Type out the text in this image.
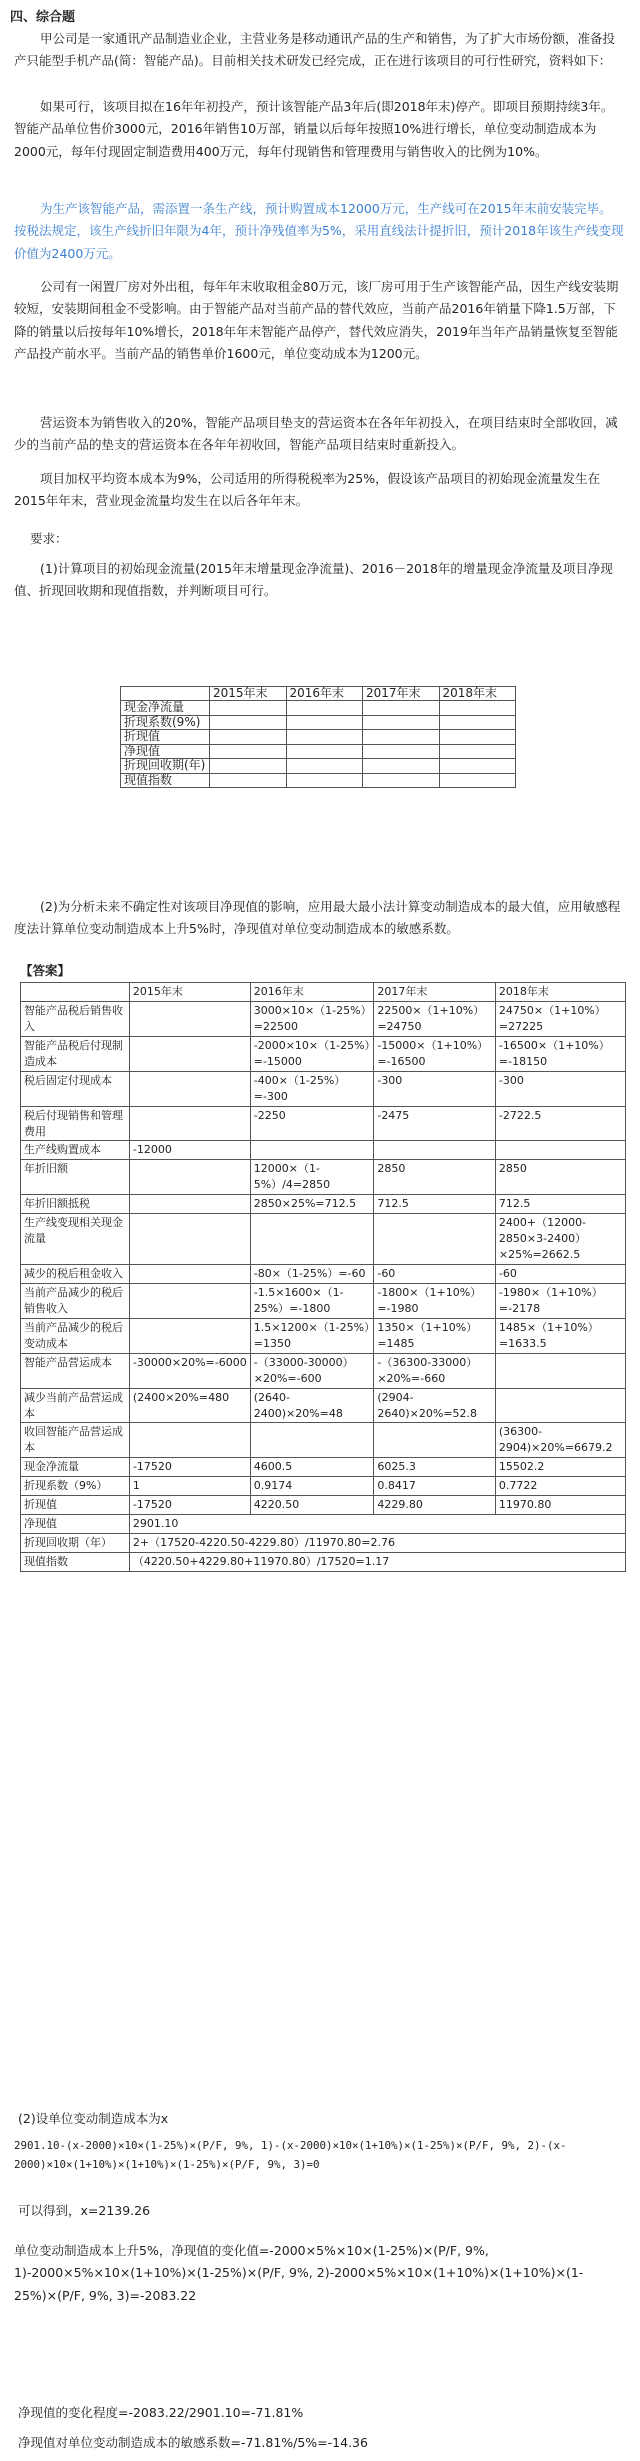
四、综合题
甲公司是一家通讯产品制造业企业，主营业务是移动通讯产品的生产和销售，为了扩大市场份额，准备投产只能型手机产品(简：智能产品)。目前相关技术研发已经完成，正在进行该项目的可行性研究，资料如下：
如果可行，该项目拟在16年年初投产，预计该智能产品3年后(即2018年末)停产。即项目预期持续3年。智能产品单位售价3000元，2016年销售10万部，销量以后每年按照10%进行增长，单位变动制造成本为2000元，每年付现固定制造费用400万元，每年付现销售和管理费用与销售收入的比例为10%。
为生产该智能产品，需添置一条生产线，预计购置成本12000万元，生产线可在2015年末前安装完毕。按税法规定，该生产线折旧年限为4年，预计净残值率为5%，采用直线法计提折旧，预计2018年该生产线变现价值为2400万元。
公司有一闲置厂房对外出租，每年年末收取租金80万元，该厂房可用于生产该智能产品，因生产线安装期较短，安装期间租金不受影响。由于智能产品对当前产品的替代效应，当前产品2016年销量下降1.5万部，下降的销量以后按每年10%增长，2018年年末智能产品停产，替代效应消失，2019年当年产品销量恢复至智能产品投产前水平。当前产品的销售单价1600元，单位变动成本为1200元。
营运资本为销售收入的20%，智能产品项目垫支的营运资本在各年年初投入，在项目结束时全部收回，减少的当前产品的垫支的营运资本在各年年初收回，智能产品项目结束时重新投入。
项目加权平均资本成本为9%，公司适用的所得税税率为25%，假设该产品项目的初始现金流量发生在2015年年末，营业现金流量均发生在以后各年年末。
要求：
(1)计算项目的初始现金流量(2015年末增量现金净流量)、2016－2018年的增量现金净流量及项目净现值、折现回收期和现值指数，并判断项目可行。
	2015年末	2016年末	2017年末	2018年末
现金净流量				
折现系数(9%)				
折现值				
净现值				
折现回收期(年)				
现值指数				
(2)为分析未来不确定性对该项目净现值的影响，应用最大最小法计算变动制造成本的最大值，应用敏感程度法计算单位变动制造成本上升5%时，净现值对单位变动制造成本的敏感系数。
【答案】
	2015年末	2016年末	2017年末	2018年末
智能产品税后销售收入		3000×10×（1-25%）=22500	22500×（1+10%）=24750	24750×（1+10%）=27225
智能产品税后付现制造成本		-2000×10×（1-25%）=-15000	-15000×（1+10%）=-16500	-16500×（1+10%）=-18150
税后固定付现成本		-400×（1-25%）=-300	-300	-300
税后付现销售和管理费用		-2250	-2475	-2722.5
生产线购置成本	-12000			
年折旧额		12000×（1-5%）/4=2850	2850	2850
年折旧额抵税		2850×25%=712.5	712.5	712.5
生产线变现相关现金流量				2400+（12000-2850×3-2400）×25%=2662.5
减少的税后租金收入		-80×（1-25%）=-60	-60	-60
当前产品减少的税后销售收入		-1.5×1600×（1-25%）=-1800	-1800×（1+10%）=-1980	-1980×（1+10%）=-2178
当前产品减少的税后变动成本		1.5×1200×（1-25%）=1350	1350×（1+10%）=1485	1485×（1+10%）=1633.5
智能产品营运成本	-30000×20%=-6000	-（33000-30000）×20%=-600	-（36300-33000）×20%=-660	
减少当前产品营运成本	(2400×20%=480	(2640-2400)×20%=48	(2904-2640)×20%=52.8	
收回智能产品营运成本				(36300-2904)×20%=6679.2
现金净流量	-17520	4600.5	6025.3	15502.2
折现系数（9%）	1	0.9174	0.8417	0.7722
折现值	-17520	4220.50	4229.80	11970.80
净现值	2901.10			
折现回收期（年）	2+（17520-4220.50-4229.80）/11970.80=2.76			
现值指数	（4220.50+4229.80+11970.80）/17520=1.17			
(2)设单位变动制造成本为x
2901.10-(x-2000)×10×(1-25%)×(P/F, 9%, 1)-(x-2000)×10×(1+10%)×(1-25%)×(P/F, 9%, 2)-(x-2000)×10×(1+10%)×(1+10%)×(1-25%)×(P/F, 9%, 3)=0
可以得到，x=2139.26
单位变动制造成本上升5%，净现值的变化值=-2000×5%×10×(1-25%)×(P/F, 9%, 1)-2000×5%×10×(1+10%)×(1-25%)×(P/F, 9%, 2)-2000×5%×10×(1+10%)×(1+10%)×(1-25%)×(P/F, 9%, 3)=-2083.22
净现值的变化程度=-2083.22/2901.10=-71.81%
净现值对单位变动制造成本的敏感系数=-71.81%/5%=-14.36
